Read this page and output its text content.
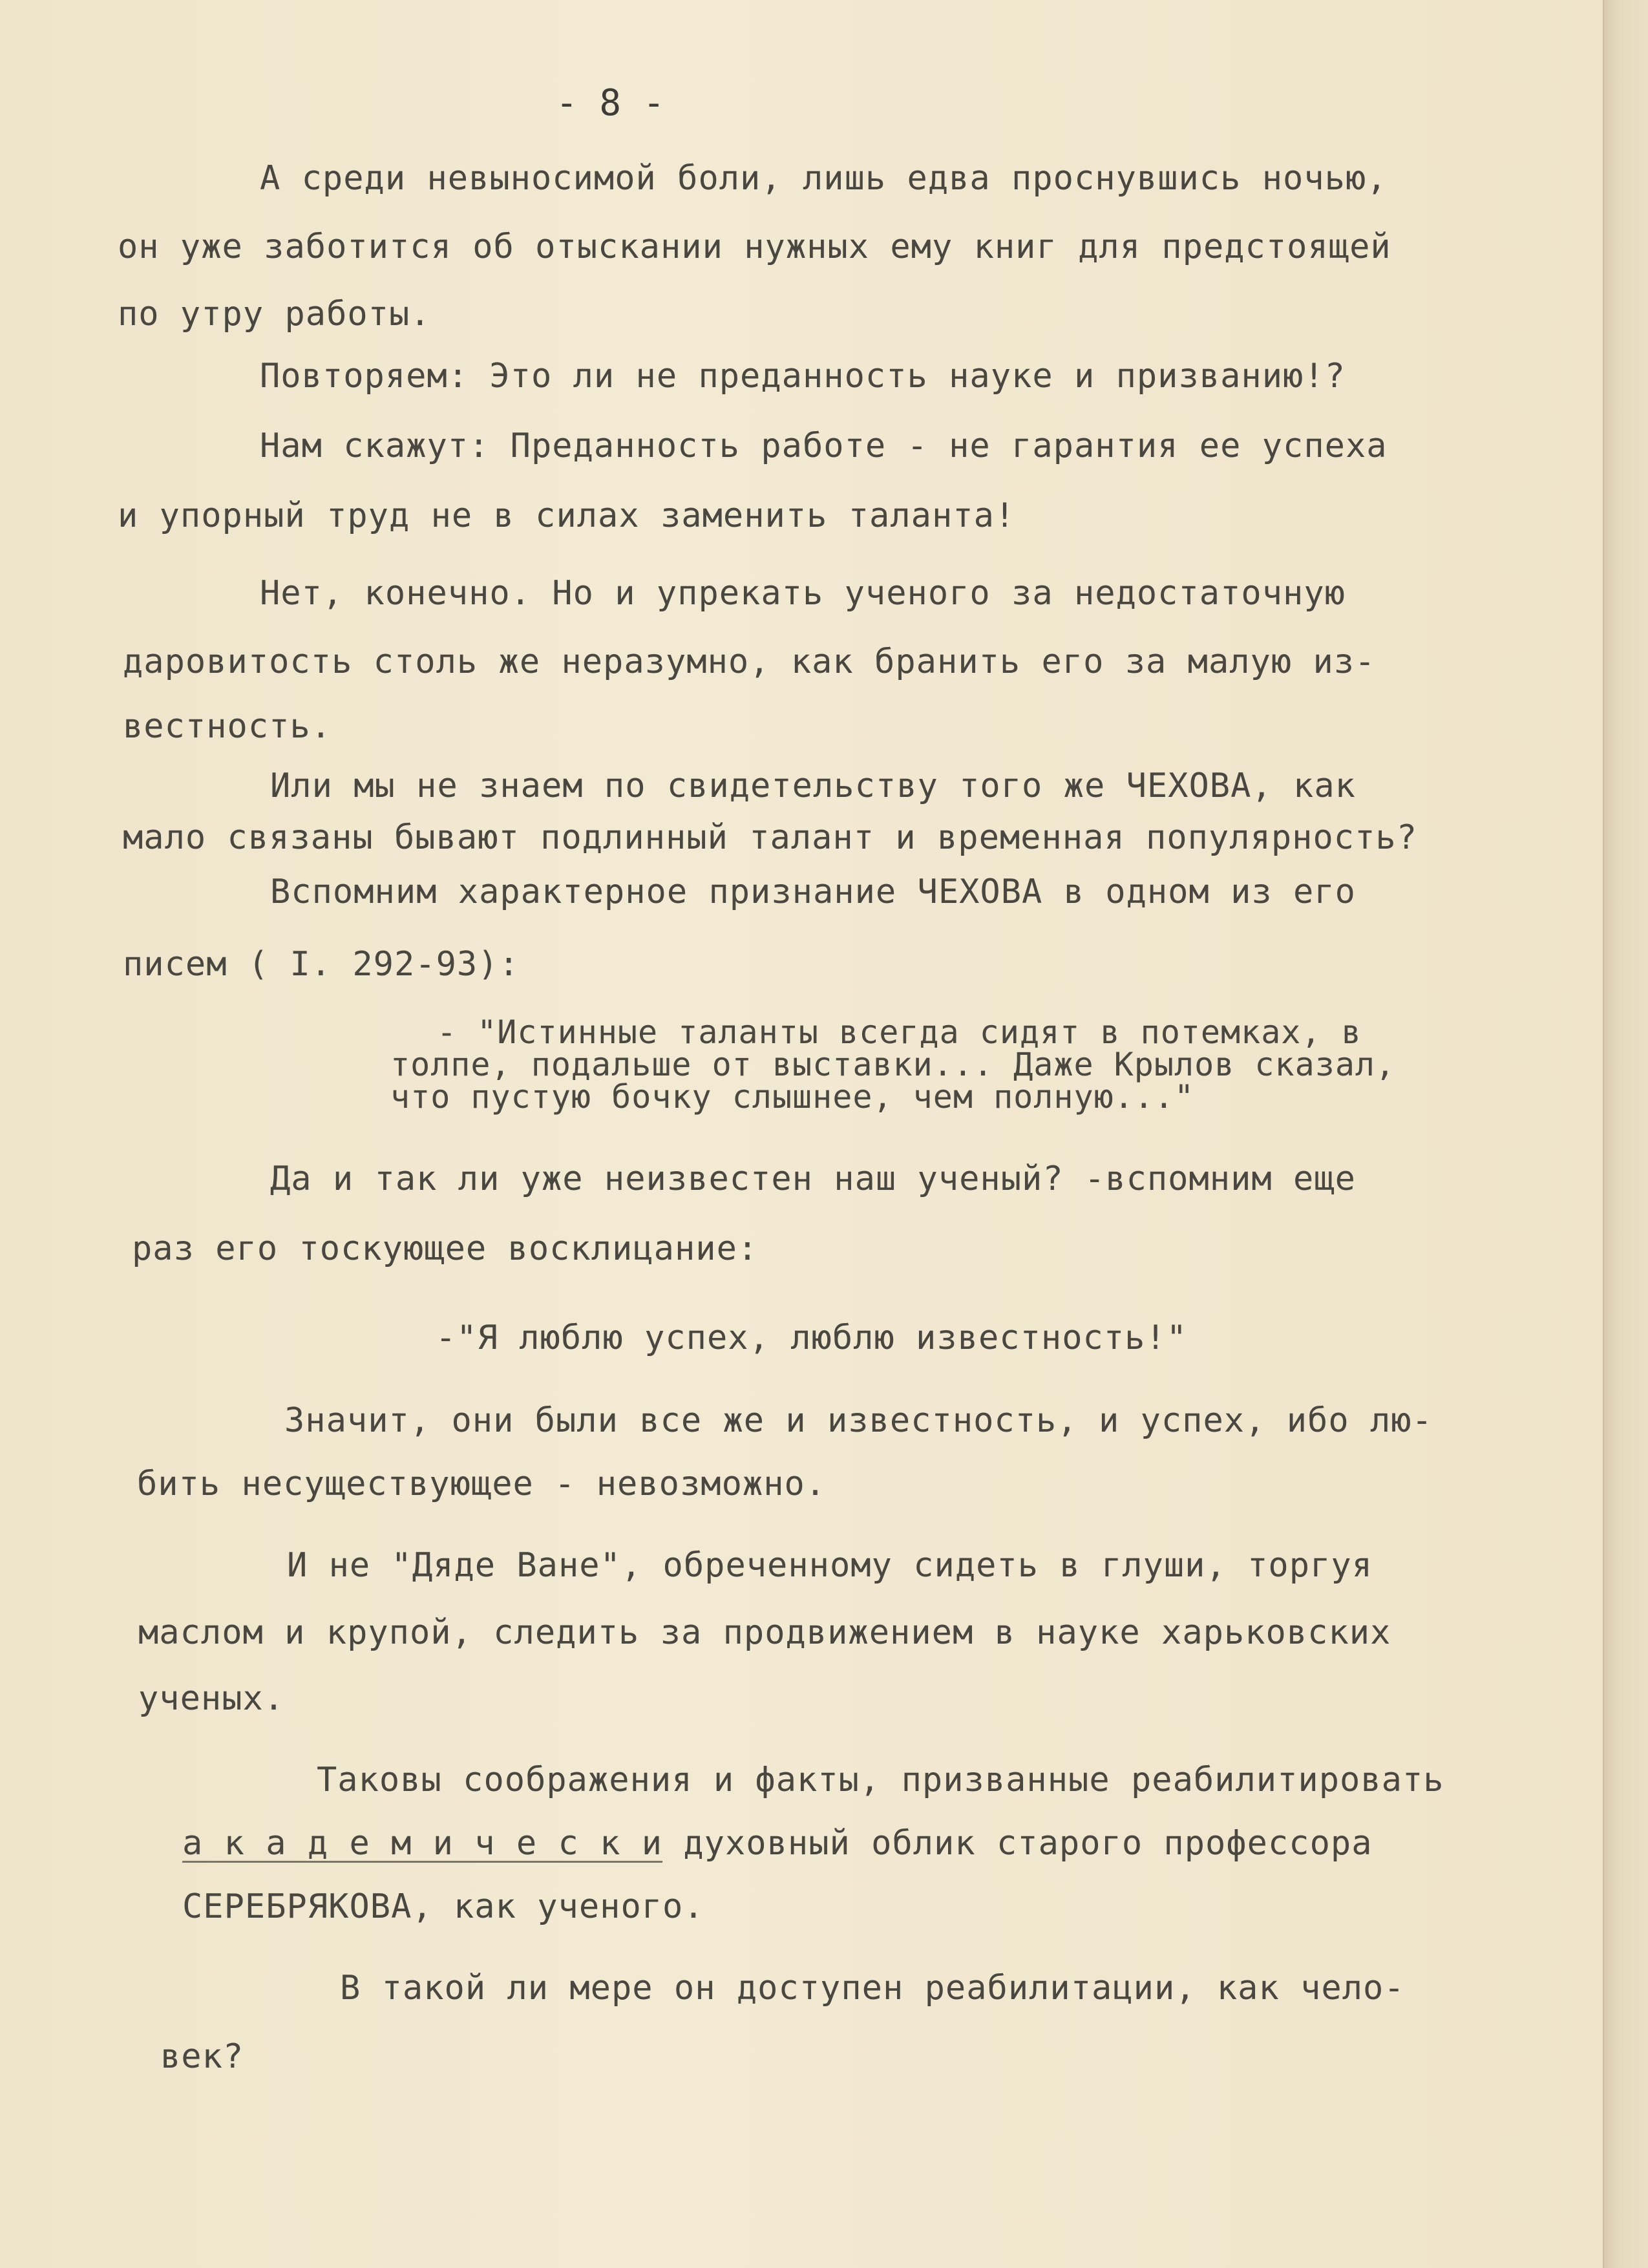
- 8 -

А среди невыносимой боли, лишь едва проснувшись ночью,

он уже заботится об отыскании нужных ему книг для предстоящей

по утру работы.

Повторяем: Это ли не преданность науке и призванию!?

Нам скажут: Преданность работе - не гарантия ее успеха

и упорный труд не в силах заменить таланта!

Нет, конечно. Но и упрекать ученого за недостаточную

даровитость столь же неразумно, как бранить его за малую из-

вестность.

Или мы не знаем по свидетельству того же ЧЕХОВА, как

мало связаны бывают подлинный талант и временная популярность?

Вспомним характерное признание ЧЕХОВА в одном из его

писем ( I. 292-93):

- "Истинные таланты всегда сидят в потемках, в

толпе, подальше от выставки... Даже Крылов сказал,

что пустую бочку слышнее, чем полную..."

Да и так ли уже неизвестен наш ученый? -вспомним еще

раз его тоскующее восклицание:

-"Я люблю успех, люблю известность!"

Значит, они были все же и известность, и успех, ибо лю-

бить несуществующее - невозможно.

И не "Дяде Ване", обреченному сидеть в глуши, торгуя

маслом и крупой, следить за продвижением в науке харьковских

ученых.

Таковы соображения и факты, призванные реабилитировать

а к а д е м и ч е с к и духовный облик старого профессора

СЕРЕБРЯКОВА, как ученого.

В такой ли мере он доступен реабилитации, как чело-

век?
